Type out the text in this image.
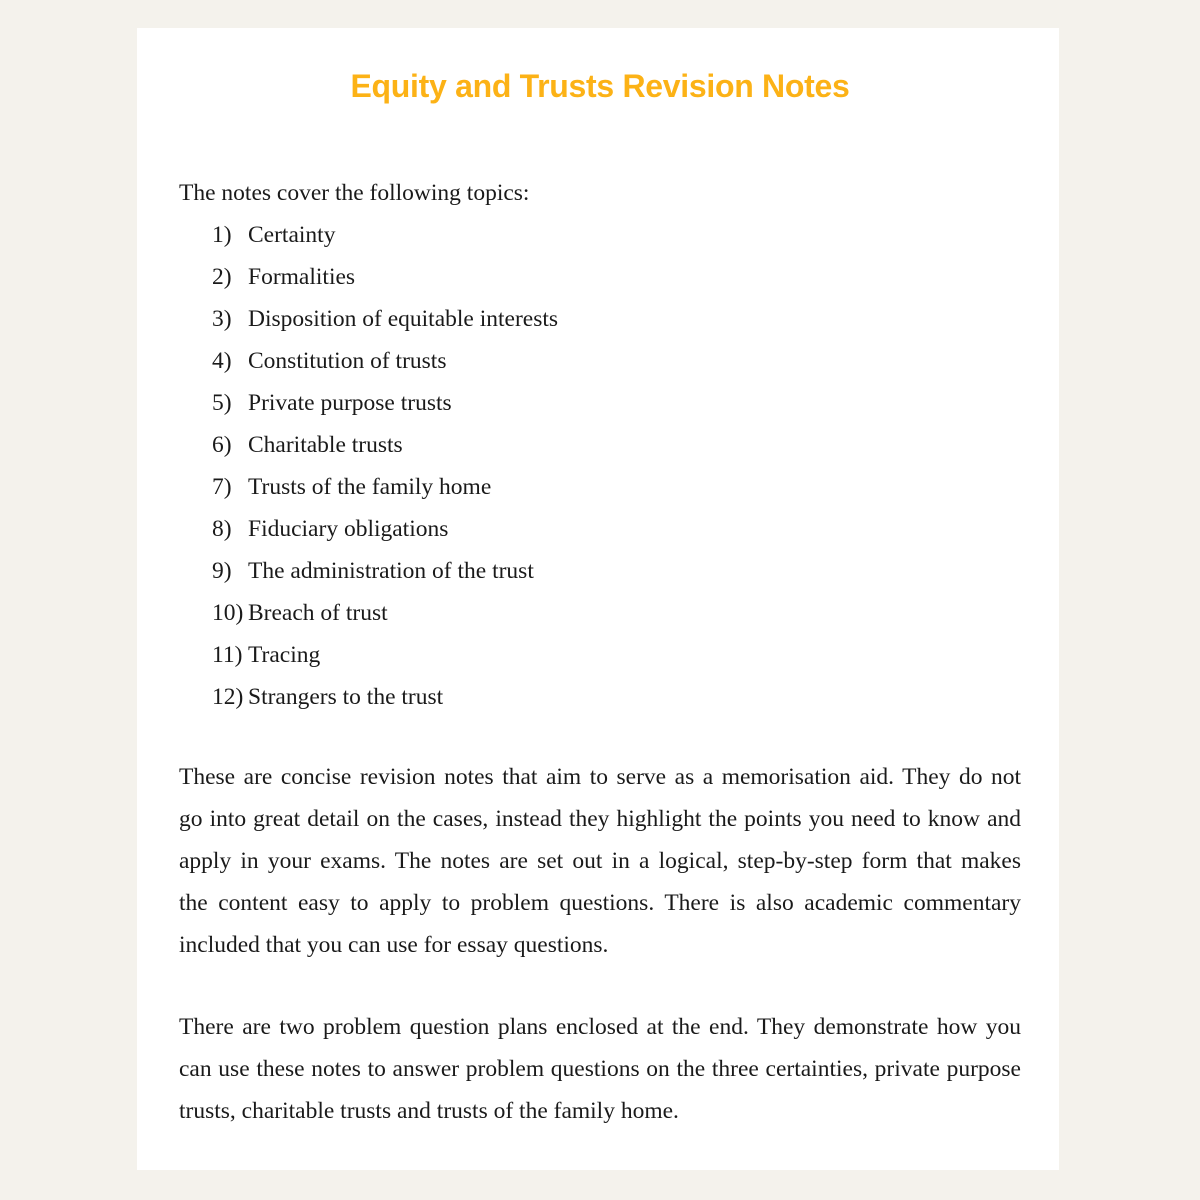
Equity and Trusts Revision Notes

The notes cover the following topics:

1) Certainty
2) Formalities
3) Disposition of equitable interests
4) Constitution of trusts
5) Private purpose trusts
6) Charitable trusts
7) Trusts of the family home
8) Fiduciary obligations
9) The administration of the trust
10) Breach of trust
11) Tracing
12) Strangers to the trust
These are concise revision notes that aim to serve as a memorisation aid. They do not
go into great detail on the cases, instead they highlight the points you need to know and
apply in your exams. The notes are set out in a logical, step-by-step form that makes
the content easy to apply to problem questions. There is also academic commentary
included that you can use for essay questions.
There are two problem question plans enclosed at the end. They demonstrate how you
can use these notes to answer problem questions on the three certainties, private purpose
trusts, charitable trusts and trusts of the family home.
